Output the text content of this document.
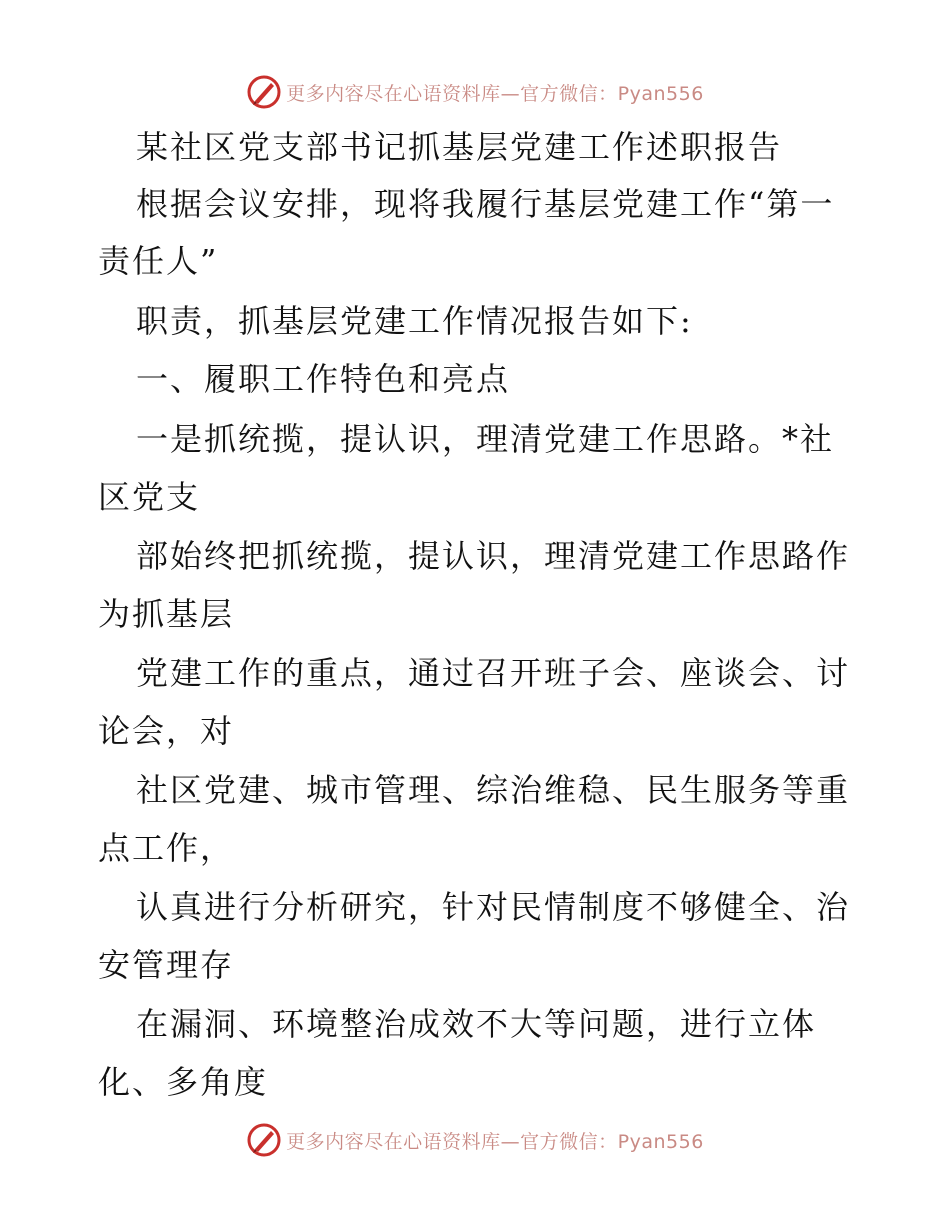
更多内容尽在心语资料库—官方微信：Pyan556
某社区党支部书记抓基层党建工作述职报告
根据会议安排，现将我履行基层党建工作“第一
责任人”
职责，抓基层党建工作情况报告如下:
一、履职工作特色和亮点
一是抓统揽，提认识，理清党建工作思路。*社
区党支
部始终把抓统揽，提认识，理清党建工作思路作
为抓基层
党建工作的重点，通过召开班子会、座谈会、讨
论会，对
社区党建、城市管理、综治维稳、民生服务等重
点工作，
认真进行分析研究，针对民情制度不够健全、治
安管理存
在漏洞、环境整治成效不大等问题，进行立体
化、多角度
更多内容尽在心语资料库—官方微信：Pyan556
